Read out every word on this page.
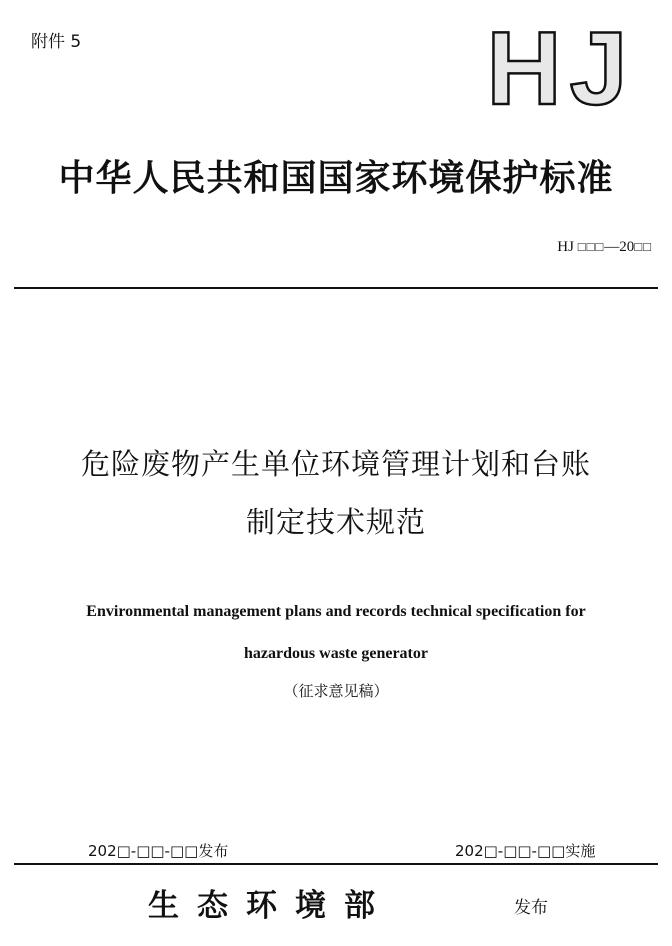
附件 5	HJ
中华人民共和国国家环境保护标准
HJ □□□—20□□
危险废物产生单位环境管理计划和台账
制定技术规范
Environmental management plans and records technical specification for
hazardous waste generator
（征求意见稿）
202□-□□-□□发布	202□-□□-□□实施
生态环境部	发布
